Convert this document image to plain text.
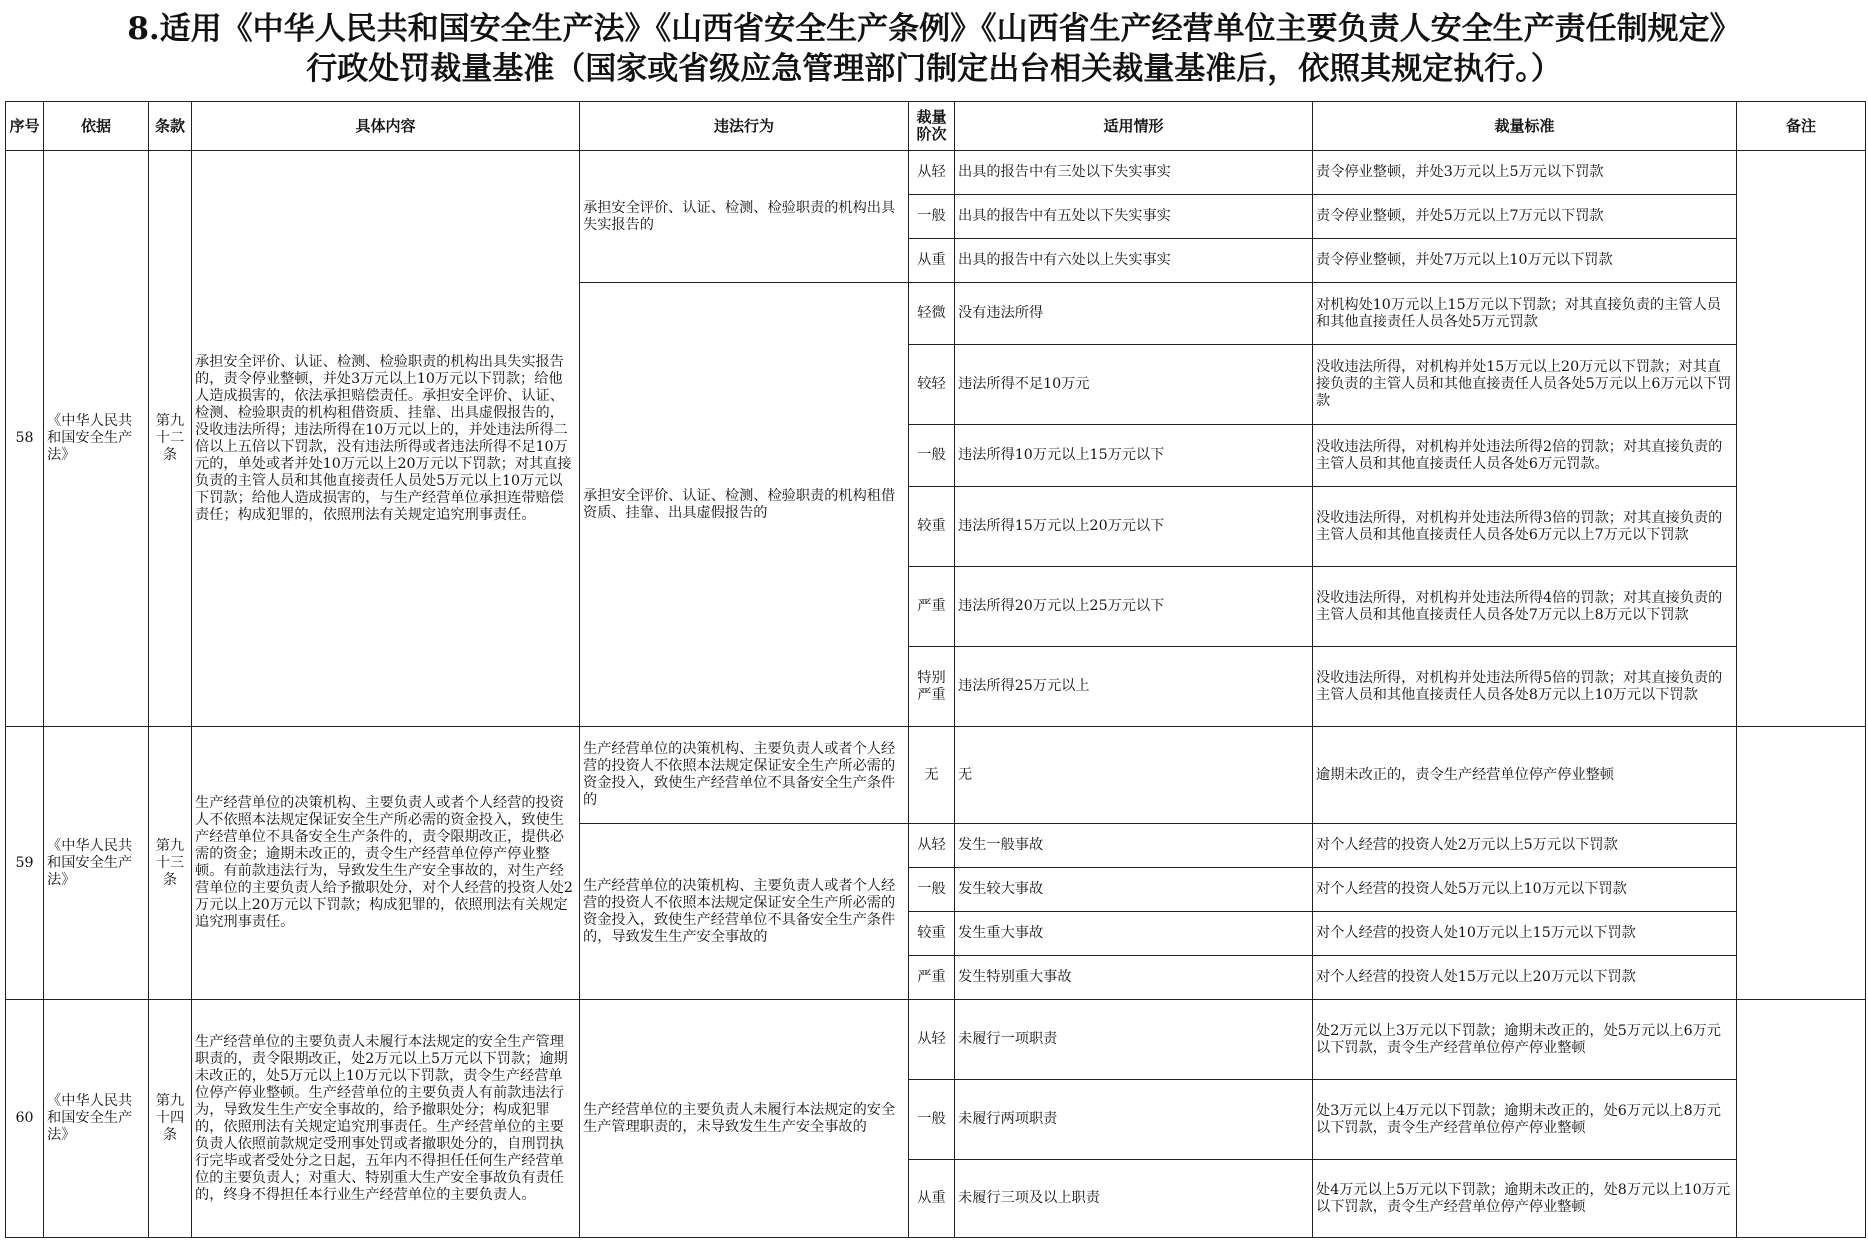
8.适用《中华人民共和国安全生产法》《山西省安全生产条例》《山西省生产经营单位主要负责人安全生产责任制规定》
行政处罚裁量基准（国家或省级应急管理部门制定出台相关裁量基准后，依照其规定执行。）
序号	依据	条款	具体内容	违法行为	裁量阶次	适用情形	裁量标准	备注
58	《中华人民共和国安全生产法》	第九十二条	承担安全评价、认证、检测、检验职责的机构出具失实报告的，责令停业整顿，并处3万元以上10万元以下罚款；给他人造成损害的，依法承担赔偿责任。承担安全评价、认证、检测、检验职责的机构租借资质、挂靠、出具虚假报告的，没收违法所得；违法所得在10万元以上的，并处违法所得二倍以上五倍以下罚款，没有违法所得或者违法所得不足10万元的，单处或者并处10万元以上20万元以下罚款；对其直接负责的主管人员和其他直接责任人员处5万元以上10万元以下罚款；给他人造成损害的，与生产经营单位承担连带赔偿责任；构成犯罪的，依照刑法有关规定追究刑事责任。	承担安全评价、认证、检测、检验职责的机构出具失实报告的	从轻	出具的报告中有三处以下失实事实	责令停业整顿，并处3万元以上5万元以下罚款	
					一般	出具的报告中有五处以下失实事实	责令停业整顿，并处5万元以上7万元以下罚款	
					从重	出具的报告中有六处以上失实事实	责令停业整顿，并处7万元以上10万元以下罚款	
				承担安全评价、认证、检测、检验职责的机构租借资质、挂靠、出具虚假报告的	轻微	没有违法所得	对机构处10万元以上15万元以下罚款；对其直接负责的主管人员和其他直接责任人员各处5万元罚款	
					较轻	违法所得不足10万元	没收违法所得，对机构并处15万元以上20万元以下罚款；对其直接负责的主管人员和其他直接责任人员各处5万元以上6万元以下罚款	
					一般	违法所得10万元以上15万元以下	没收违法所得，对机构并处违法所得2倍的罚款；对其直接负责的主管人员和其他直接责任人员各处6万元罚款。	
					较重	违法所得15万元以上20万元以下	没收违法所得，对机构并处违法所得3倍的罚款；对其直接负责的主管人员和其他直接责任人员各处6万元以上7万元以下罚款	
					严重	违法所得20万元以上25万元以下	没收违法所得，对机构并处违法所得4倍的罚款；对其直接负责的主管人员和其他直接责任人员各处7万元以上8万元以下罚款	
					特别严重	违法所得25万元以上	没收违法所得，对机构并处违法所得5倍的罚款；对其直接负责的主管人员和其他直接责任人员各处8万元以上10万元以下罚款	
59	《中华人民共和国安全生产法》	第九十三条	生产经营单位的决策机构、主要负责人或者个人经营的投资人不依照本法规定保证安全生产所必需的资金投入，致使生产经营单位不具备安全生产条件的，责令限期改正，提供必需的资金；逾期未改正的，责令生产经营单位停产停业整顿。有前款违法行为，导致发生生产安全事故的，对生产经营单位的主要负责人给予撤职处分，对个人经营的投资人处2万元以上20万元以下罚款；构成犯罪的，依照刑法有关规定追究刑事责任。	生产经营单位的决策机构、主要负责人或者个人经营的投资人不依照本法规定保证安全生产所必需的资金投入，致使生产经营单位不具备安全生产条件的	无	无	逾期未改正的，责令生产经营单位停产停业整顿	
				生产经营单位的决策机构、主要负责人或者个人经营的投资人不依照本法规定保证安全生产所必需的资金投入，致使生产经营单位不具备安全生产条件的，导致发生生产安全事故的	从轻	发生一般事故	对个人经营的投资人处2万元以上5万元以下罚款	
					一般	发生较大事故	对个人经营的投资人处5万元以上10万元以下罚款	
					较重	发生重大事故	对个人经营的投资人处10万元以上15万元以下罚款	
					严重	发生特别重大事故	对个人经营的投资人处15万元以上20万元以下罚款	
60	《中华人民共和国安全生产法》	第九十四条	生产经营单位的主要负责人未履行本法规定的安全生产管理职责的，责令限期改正，处2万元以上5万元以下罚款；逾期未改正的，处5万元以上10万元以下罚款，责令生产经营单位停产停业整顿。生产经营单位的主要负责人有前款违法行为，导致发生生产安全事故的，给予撤职处分；构成犯罪的，依照刑法有关规定追究刑事责任。生产经营单位的主要负责人依照前款规定受刑事处罚或者撤职处分的，自刑罚执行完毕或者受处分之日起，五年内不得担任任何生产经营单位的主要负责人；对重大、特别重大生产安全事故负有责任的，终身不得担任本行业生产经营单位的主要负责人。	生产经营单位的主要负责人未履行本法规定的安全生产管理职责的，未导致发生生产安全事故的	从轻	未履行一项职责	处2万元以上3万元以下罚款；逾期未改正的，处5万元以上6万元以下罚款，责令生产经营单位停产停业整顿	
					一般	未履行两项职责	处3万元以上4万元以下罚款；逾期未改正的，处6万元以上8万元以下罚款，责令生产经营单位停产停业整顿	
					从重	未履行三项及以上职责	处4万元以上5万元以下罚款；逾期未改正的，处8万元以上10万元以下罚款，责令生产经营单位停产停业整顿	
